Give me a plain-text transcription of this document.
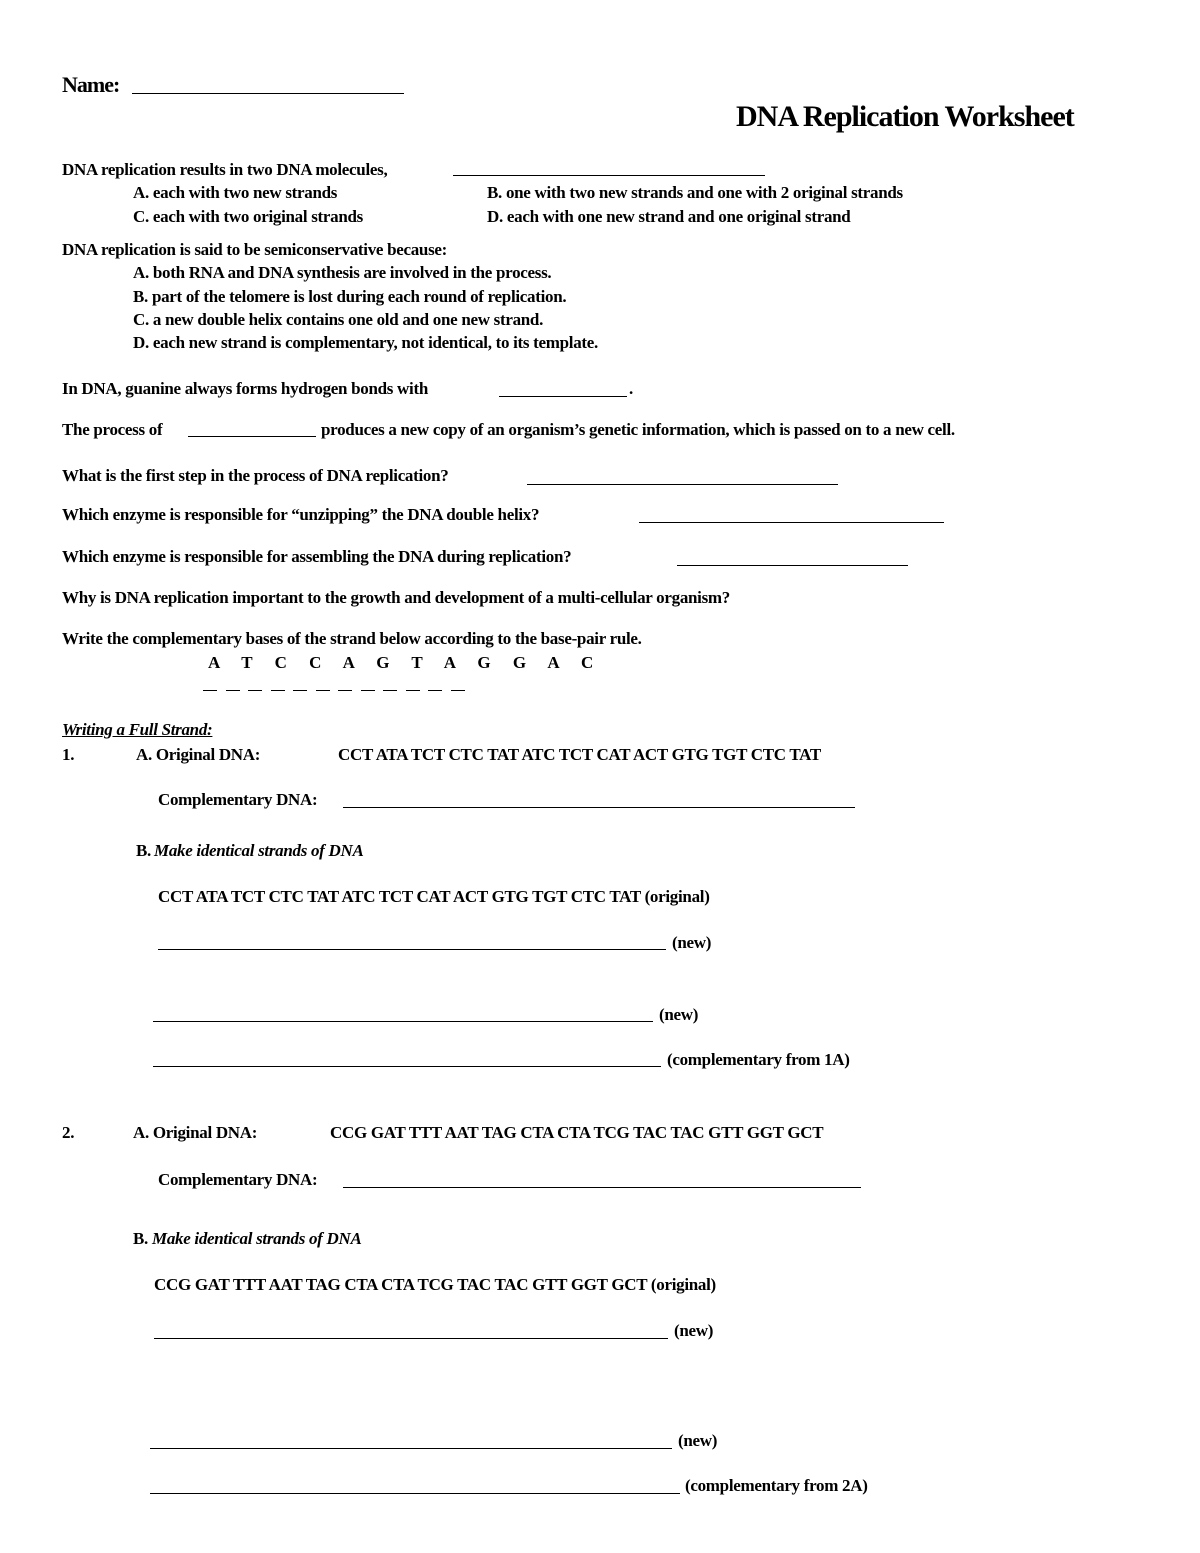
Name:
DNA Replication Worksheet
DNA replication results in two DNA molecules,
A. each with two new strands	B. one with two new strands and one with 2 original strands
C. each with two original strands	D. each with one new strand and one original strand
DNA replication is said to be semiconservative because:
A. both RNA and DNA synthesis are involved in the process.
B. part of the telomere is lost during each round of replication.
C. a new double helix contains one old and one new strand.
D. each new strand is complementary, not identical, to its template.
In DNA, guanine always forms hydrogen bonds with	.
The process of	produces a new copy of an organism’s genetic information, which is passed on to a new cell.
What is the first step in the process of DNA replication?
Which enzyme is responsible for “unzipping” the DNA double helix?
Which enzyme is responsible for assembling the DNA during replication?
Why is DNA replication important to the growth and development of a multi-cellular organism?
Write the complementary bases of the strand below according to the base-pair rule.
A T C C A G T A G G A C
Writing a Full Strand:
1.	A. Original DNA:	CCT ATA TCT CTC TAT ATC TCT CAT ACT GTG TGT CTC TAT
Complementary DNA:
B. Make identical strands of DNA
CCT ATA TCT CTC TAT ATC TCT CAT ACT GTG TGT CTC TAT (original)
(new)
(new)
(complementary from 1A)
2.	A. Original DNA:	CCG GAT TTT AAT TAG CTA CTA TCG TAC TAC GTT GGT GCT
Complementary DNA:
B. Make identical strands of DNA
CCG GAT TTT AAT TAG CTA CTA TCG TAC TAC GTT GGT GCT (original)
(new)
(new)
(complementary from 2A)
